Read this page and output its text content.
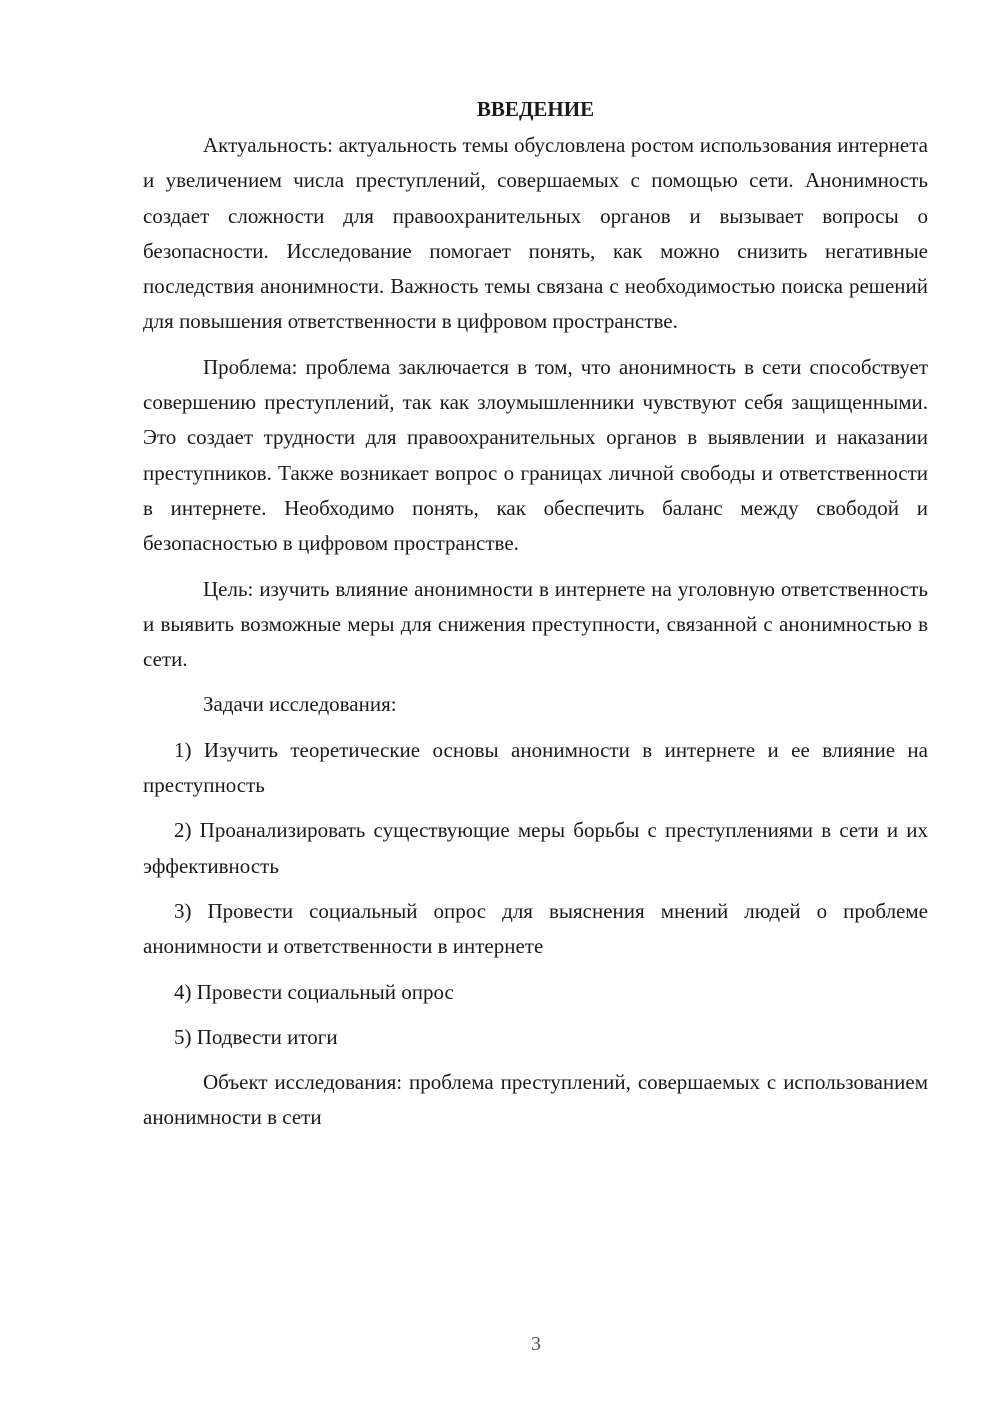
ВВЕДЕНИЕ

Актуальность: актуальность темы обусловлена ростом использования интернета и увеличением числа преступлений, совершаемых с помощью сети. Анонимность создает сложности для правоохранительных органов и вызывает вопросы о безопасности. Исследование помогает понять, как можно снизить негативные последствия анонимности. Важность темы связана с необходимостью поиска решений для повышения ответственности в цифровом пространстве.

Проблема: проблема заключается в том, что анонимность в сети способствует совершению преступлений, так как злоумышленники чувствуют себя защищенными. Это создает трудности для правоохранительных органов в выявлении и наказании преступников. Также возникает вопрос о границах личной свободы и ответственности в интернете. Необходимо понять, как обеспечить баланс между свободой и безопасностью в цифровом пространстве.

Цель: изучить влияние анонимности в интернете на уголовную ответственность и выявить возможные меры для снижения преступности, связанной с анонимностью в сети.

Задачи исследования:

1) Изучить теоретические основы анонимности в интернете и ее влияние на преступность

2) Проанализировать существующие меры борьбы с преступлениями в сети и их эффективность

3) Провести социальный опрос для выяснения мнений людей о проблеме анонимности и ответственности в интернете

4) Провести социальный опрос

5) Подвести итоги

Объект исследования: проблема преступлений, совершаемых с использованием анонимности в сети

3
